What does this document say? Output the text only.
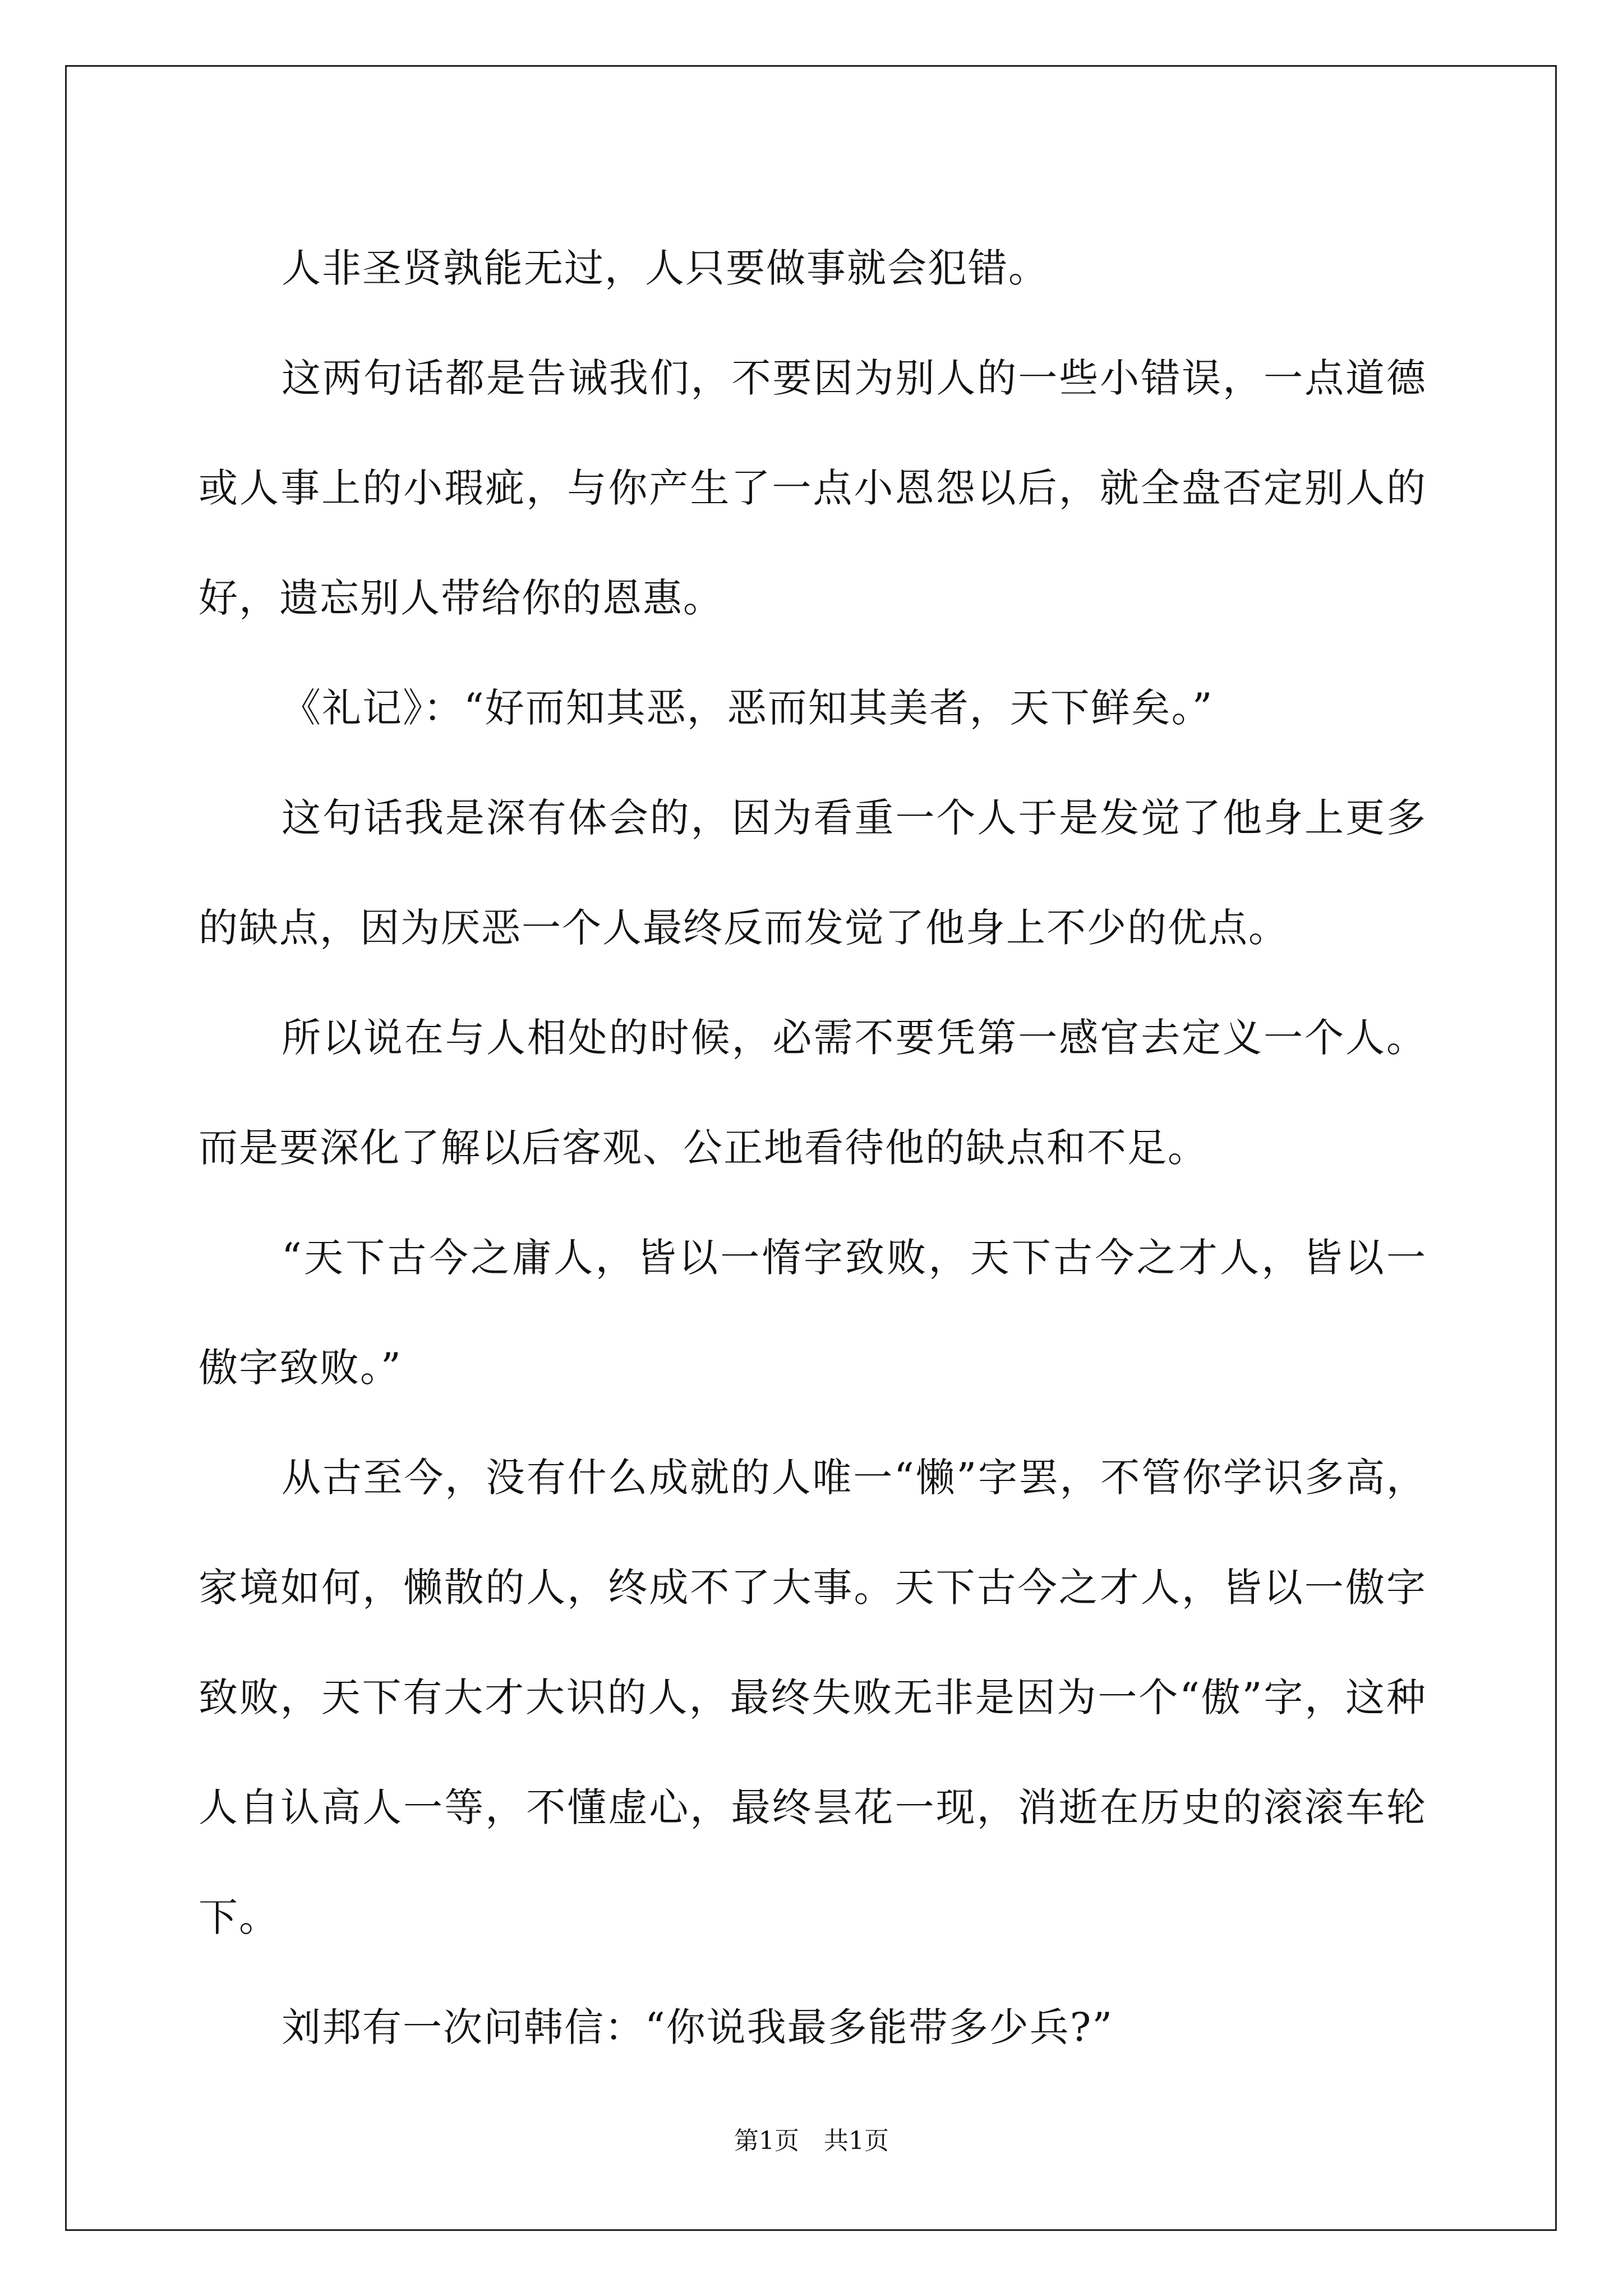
人非圣贤孰能无过，人只要做事就会犯错。

这两句话都是告诫我们，不要因为别人的一些小错误，一点道德或人事上的小瑕疵，与你产生了一点小恩怨以后，就全盘否定别人的好，遗忘别人带给你的恩惠。

《礼记》：“好而知其恶，恶而知其美者，天下鲜矣。”

这句话我是深有体会的，因为看重一个人于是发觉了他身上更多的缺点，因为厌恶一个人最终反而发觉了他身上不少的优点。

所以说在与人相处的时候，必需不要凭第一感官去定义一个人。而是要深化了解以后客观、公正地看待他的缺点和不足。

“天下古今之庸人，皆以一惰字致败，天下古今之才人，皆以一傲字致败。”

从古至今，没有什么成就的人唯一“懒”字罢，不管你学识多高，家境如何，懒散的人，终成不了大事。天下古今之才人，皆以一傲字致败，天下有大才大识的人，最终失败无非是因为一个“傲”字，这种人自认高人一等，不懂虚心，最终昙花一现，消逝在历史的滚滚车轮下。

刘邦有一次问韩信：“你说我最多能带多少兵?”

第1页　共1页
